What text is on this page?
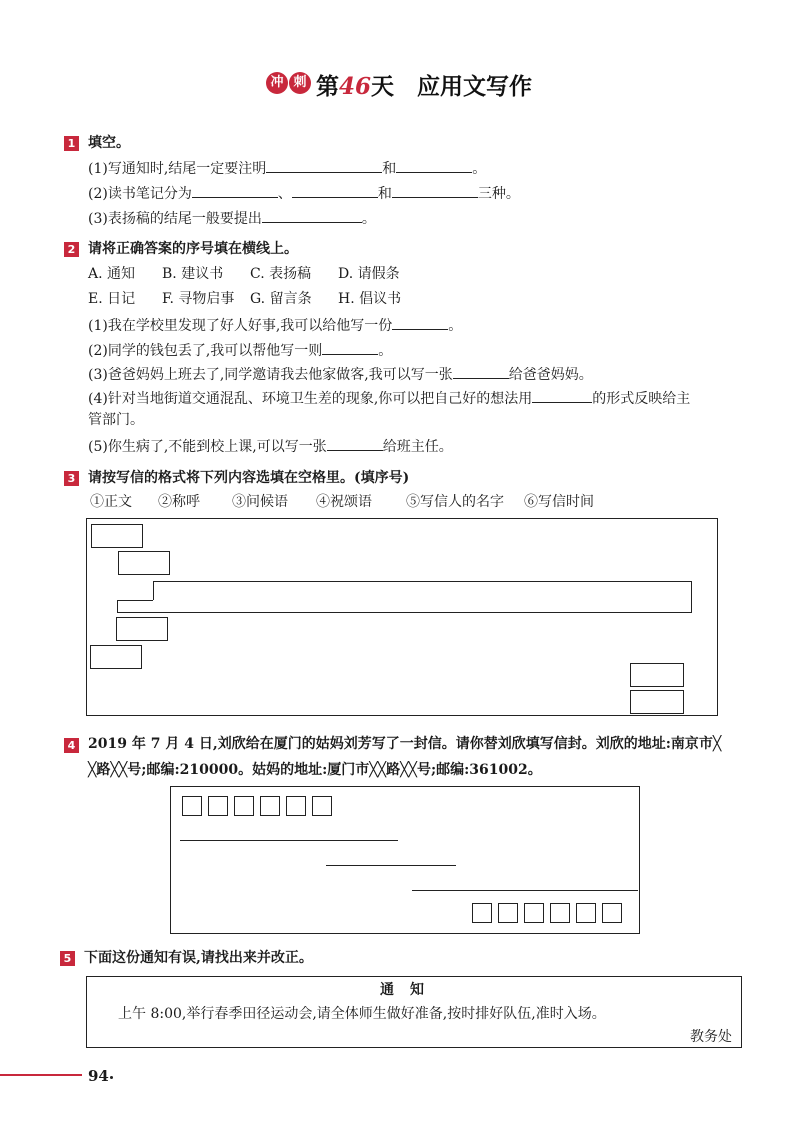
冲 刺 第46天　应用文写作
1 填空。
(1)写通知时,结尾一定要注明	和	。
(2)读书笔记分为	、	和	三种。
(3)表扬稿的结尾一般要提出	。
2 请将正确答案的序号填在横线上。
A. 通知 B. 建议书 C. 表扬稿 D. 请假条
E. 日记 F. 寻物启事 G. 留言条 H. 倡议书
(1)我在学校里发现了好人好事,我可以给他写一份	。
(2)同学的钱包丢了,我可以帮他写一则	。
(3)爸爸妈妈上班去了,同学邀请我去他家做客,我可以写一张	给爸爸妈妈。
(4)针对当地街道交通混乱、环境卫生差的现象,你可以把自己好的想法用	的形式反映给主
管部门。
(5)你生病了,不能到校上课,可以写一张	给班主任。
3 请按写信的格式将下列内容选填在空格里。(填序号)
①正文 ②称呼 ③问候语 ④祝颂语 ⑤写信人的名字 ⑥写信时间
4 2019 年 7 月 4 日,刘欣给在厦门的姑妈刘芳写了一封信。请你替刘欣填写信封。刘欣的地址:南京市╳
╳路╳╳号;邮编:210000。姑妈的地址:厦门市╳╳路╳╳号;邮编:361002。
5 下面这份通知有误,请找出来并改正。
通　知
上午 8:00,举行春季田径运动会,请全体师生做好准备,按时排好队伍,准时入场。
教务处
94
